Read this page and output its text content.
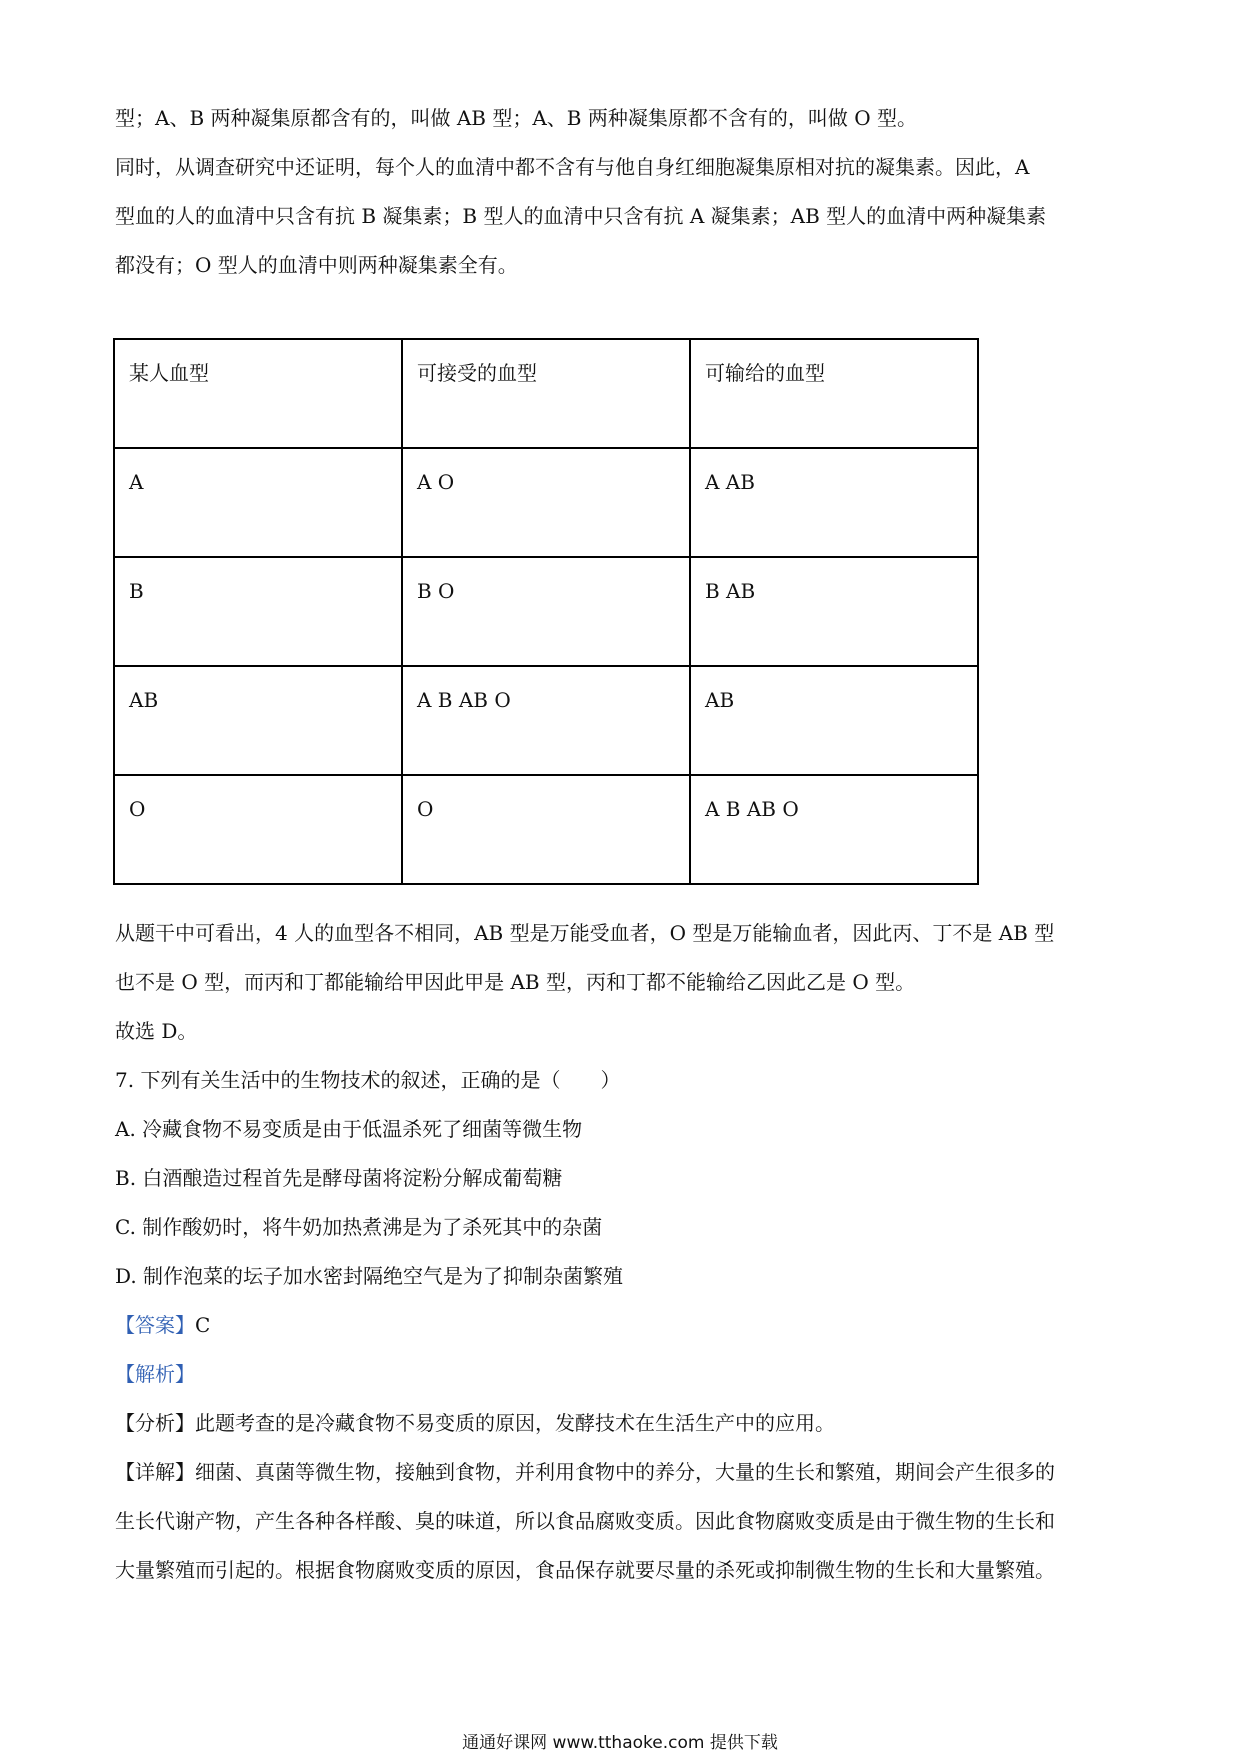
型；A、B 两种凝集原都含有的，叫做 AB 型；A、B 两种凝集原都不含有的，叫做 O 型。
同时，从调查研究中还证明，每个人的血清中都不含有与他自身红细胞凝集原相对抗的凝集素。因此，A
型血的人的血清中只含有抗 B 凝集素；B 型人的血清中只含有抗 A 凝集素；AB 型人的血清中两种凝集素
都没有；O 型人的血清中则两种凝集素全有。
某人血型	可接受的血型	可输给的血型
A	A O	A AB
B	B O	B AB
AB	A B AB O	AB
O	O	A B AB O
从题干中可看出，4 人的血型各不相同，AB 型是万能受血者，O 型是万能输血者，因此丙、丁不是 AB 型
也不是 O 型，而丙和丁都能输给甲因此甲是 AB 型，丙和丁都不能输给乙因此乙是 O 型。
故选 D。
7. 下列有关生活中的生物技术的叙述，正确的是（　　）
A. 冷藏食物不易变质是由于低温杀死了细菌等微生物
B. 白酒酿造过程首先是酵母菌将淀粉分解成葡萄糖
C. 制作酸奶时，将牛奶加热煮沸是为了杀死其中的杂菌
D. 制作泡菜的坛子加水密封隔绝空气是为了抑制杂菌繁殖
【答案】C
【解析】
【分析】此题考查的是冷藏食物不易变质的原因，发酵技术在生活生产中的应用。
【详解】细菌、真菌等微生物，接触到食物，并利用食物中的养分，大量的生长和繁殖，期间会产生很多的
生长代谢产物，产生各种各样酸、臭的味道，所以食品腐败变质。因此食物腐败变质是由于微生物的生长和
大量繁殖而引起的。根据食物腐败变质的原因，食品保存就要尽量的杀死或抑制微生物的生长和大量繁殖。
通通好课网 www.tthaoke.com 提供下载
